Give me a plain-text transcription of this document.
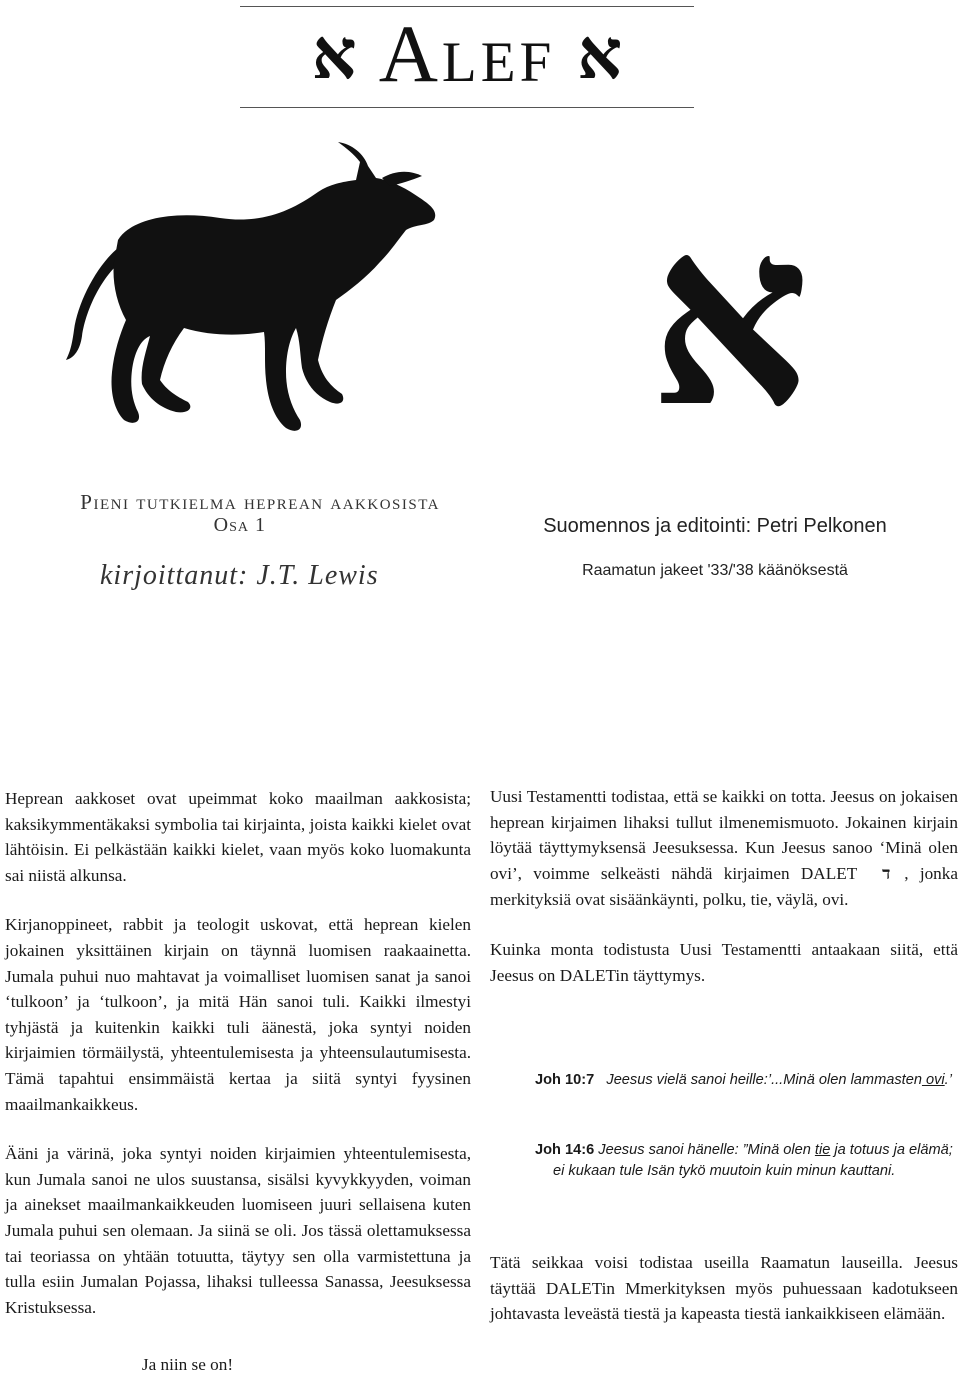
א Alef א
א
Pieni tutkielma heprean aakkosista
Osa 1
kirjoittanut: J.T. Lewis
Suomennos ja editointi: Petri Pelkonen
Raamatun jakeet '33/'38 käänöksestä

Heprean aakkoset ovat upeimmat koko maailman aakkosista; kaksikymmentäkaksi symbolia tai kirjainta, joista kaikki kielet ovat lähtöisin. Ei pelkästään kaikki kielet, vaan myös koko luomakunta sai niistä alkunsa.

Kirjanoppineet, rabbit ja teologit uskovat, että heprean kielen jokainen yksittäinen kirjain on täynnä luomisen raakaainetta. Jumala puhui nuo mahtavat ja voimalliset luomisen sanat ja sanoi ‘tulkoon’ ja ‘tulkoon’, ja mitä Hän sanoi tuli. Kaikki ilmestyi tyhjästä ja kuitenkin kaikki tuli äänestä, joka syntyi noiden kirjaimien törmäilystä, yhteentulemisesta ja yhteensulautumisesta. Tämä tapahtui ensimmäistä kertaa ja siitä syntyi fyysinen maailmankaikkeus.

Ääni ja värinä, joka syntyi noiden kirjaimien yhteentulemisesta, kun Jumala sanoi ne ulos suustansa, sisälsi kyvykkyyden, voiman ja ainekset maailmankaikkeuden luomiseen juuri sellaisena kuten Jumala puhui sen olemaan. Ja siinä se oli. Jos tässä olettamuksessa tai teoriassa on yhtään totuutta, täytyy sen olla varmistettuna ja tulla esiin Jumalan Pojassa, lihaksi tulleessa Sanassa, Jeesuksessa Kristuksessa.

Ja niin se on!

Uusi Testamentti todistaa, että se kaikki on totta. Jeesus on jokaisen heprean kirjaimen lihaksi tullut ilmenemismuoto. Jokainen kirjain löytää täyttymyksensä Jeesuksessa. Kun Jeesus sanoo ‘Minä olen ovi’, voimme selkeästi nähdä kirjaimen DALET ד , jonka merkityksiä ovat sisäänkäynti, polku, tie, väylä, ovi.

Kuinka monta todistusta Uusi Testamentti antaakaan siitä, että Jeesus on DALETin täyttymys.

Joh 10:7 Jeesus vielä sanoi heille:’...Minä olen lammasten ovi.’
Joh 14:6 Jeesus sanoi hänelle: ”Minä olen tie ja totuus ja elämä; ei kukaan tule Isän tykö muutoin kuin minun kauttani.

Tätä seikkaa voisi todistaa useilla Raamatun lauseilla. Jeesus täyttää DALETin Mmerkityksen myös puhuessaan kadotukseen johtavasta leveästä tiestä ja kapeasta tiestä iankaikkiseen elämään.
